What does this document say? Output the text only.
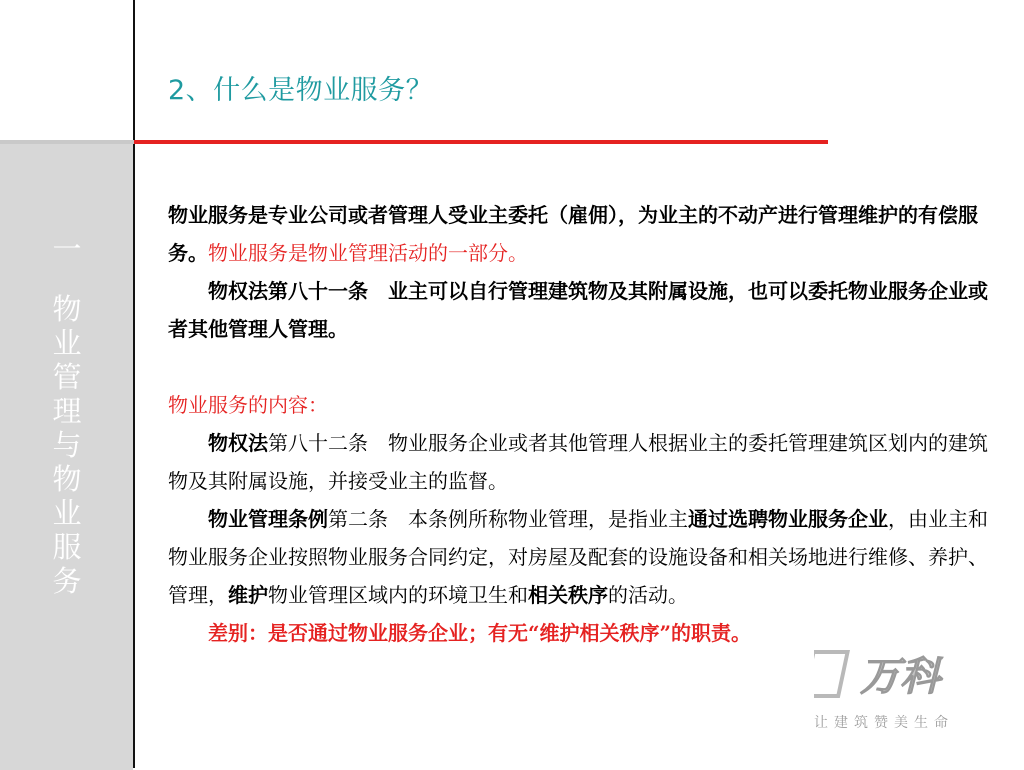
一
物
业
管
理
与
物
业
服
务
2、什么是物业服务？

物业服务是专业公司或者管理人受业主委托（雇佣），为业主的不动产进行管理维护的有偿服务。物业服务是物业管理活动的一部分。

物权法第八十一条　业主可以自行管理建筑物及其附属设施，也可以委托物业服务企业或者其他管理人管理。

物业服务的内容：

物权法第八十二条　物业服务企业或者其他管理人根据业主的委托管理建筑区划内的建筑物及其附属设施，并接受业主的监督。

物业管理条例第二条　本条例所称物业管理，是指业主通过选聘物业服务企业，由业主和物业服务企业按照物业服务合同约定，对房屋及配套的设施设备和相关场地进行维修、养护、管理，维护物业管理区域内的环境卫生和相关秩序的活动。

差别：是否通过物业服务企业；有无“维护相关秩序”的职责。

万科
让建筑赞美生命
